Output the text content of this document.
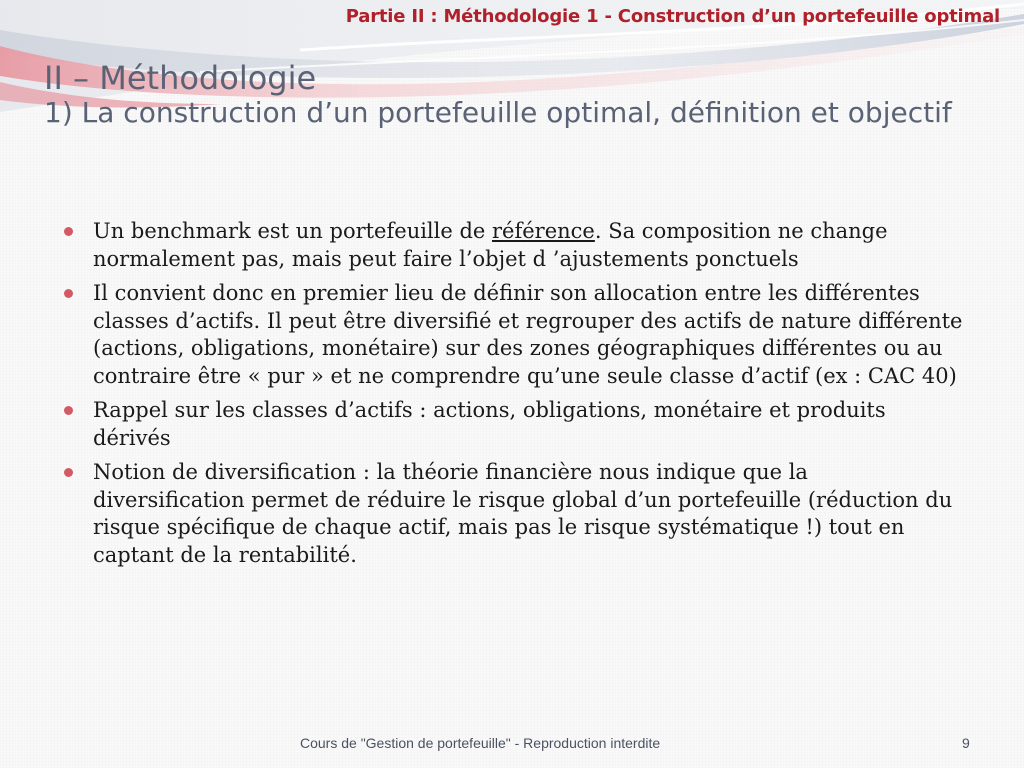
Partie II : Méthodologie 1 - Construction d’un portefeuille optimal
II – Méthodologie
1) La construction d’un portefeuille optimal, définition et objectif
Un benchmark est un portefeuille de référence. Sa composition ne change normalement pas, mais peut faire l’objet d ’ajustements ponctuels
Il convient donc en premier lieu de définir son allocation entre les différentes classes d’actifs. Il peut être diversifié et regrouper des actifs de nature différente (actions, obligations, monétaire) sur des zones géographiques différentes ou au contraire être « pur » et ne comprendre qu’une seule classe d’actif (ex : CAC 40)
Rappel sur les classes d’actifs : actions, obligations, monétaire et produits dérivés
Notion de diversification : la théorie financière nous indique que la diversification permet de réduire le risque global d’un portefeuille (réduction du risque spécifique de chaque actif, mais pas le risque systématique !) tout en captant de la rentabilité.
Cours de "Gestion de portefeuille" - Reproduction interdite	9
